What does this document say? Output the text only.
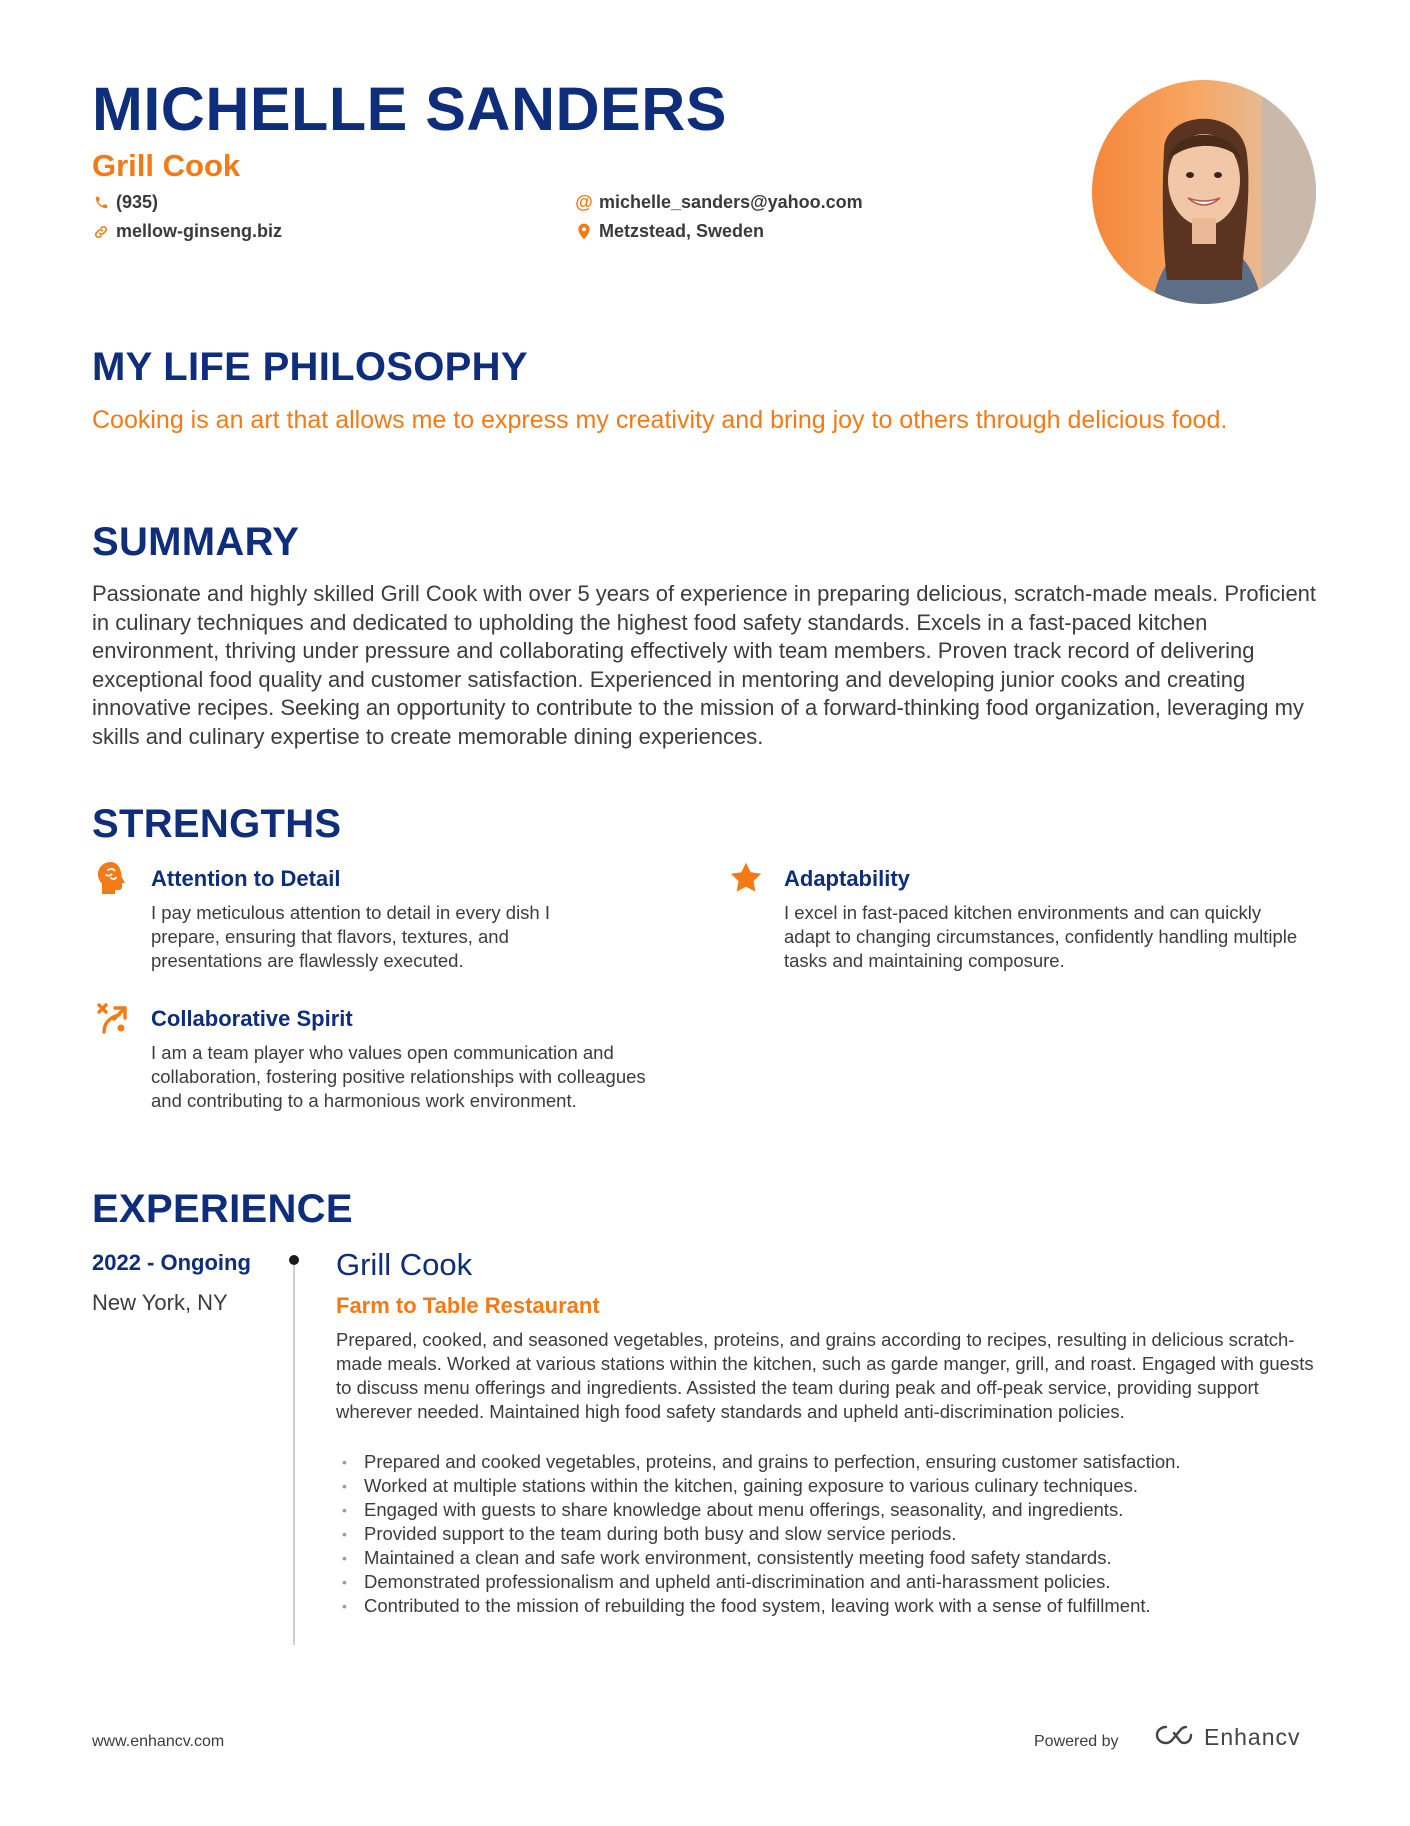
MICHELLE SANDERS
Grill Cook
(935)	@ michelle_sanders@yahoo.com
mellow-ginseng.biz	Metzstead, Sweden
MY LIFE PHILOSOPHY
Cooking is an art that allows me to express my creativity and bring joy to others through delicious food.
SUMMARY
Passionate and highly skilled Grill Cook with over 5 years of experience in preparing delicious, scratch-made meals. Proficient in culinary techniques and dedicated to upholding the highest food safety standards. Excels in a fast-paced kitchen environment, thriving under pressure and collaborating effectively with team members. Proven track record of delivering exceptional food quality and customer satisfaction. Experienced in mentoring and developing junior cooks and creating innovative recipes. Seeking an opportunity to contribute to the mission of a forward-thinking food organization, leveraging my skills and culinary expertise to create memorable dining experiences.
STRENGTHS
Attention to Detail
I pay meticulous attention to detail in every dish I prepare, ensuring that flavors, textures, and presentations are flawlessly executed.
Adaptability
I excel in fast-paced kitchen environments and can quickly adapt to changing circumstances, confidently handling multiple tasks and maintaining composure.
Collaborative Spirit
I am a team player who values open communication and collaboration, fostering positive relationships with colleagues and contributing to a harmonious work environment.
EXPERIENCE
2022 - Ongoing
New York, NY
Grill Cook
Farm to Table Restaurant
Prepared, cooked, and seasoned vegetables, proteins, and grains according to recipes, resulting in delicious scratch-made meals. Worked at various stations within the kitchen, such as garde manger, grill, and roast. Engaged with guests to discuss menu offerings and ingredients. Assisted the team during peak and off-peak service, providing support wherever needed. Maintained high food safety standards and upheld anti-discrimination policies.
• Prepared and cooked vegetables, proteins, and grains to perfection, ensuring customer satisfaction.
• Worked at multiple stations within the kitchen, gaining exposure to various culinary techniques.
• Engaged with guests to share knowledge about menu offerings, seasonality, and ingredients.
• Provided support to the team during both busy and slow service periods.
• Maintained a clean and safe work environment, consistently meeting food safety standards.
• Demonstrated professionalism and upheld anti-discrimination and anti-harassment policies.
• Contributed to the mission of rebuilding the food system, leaving work with a sense of fulfillment.
www.enhancv.com	Powered by	Enhancv
